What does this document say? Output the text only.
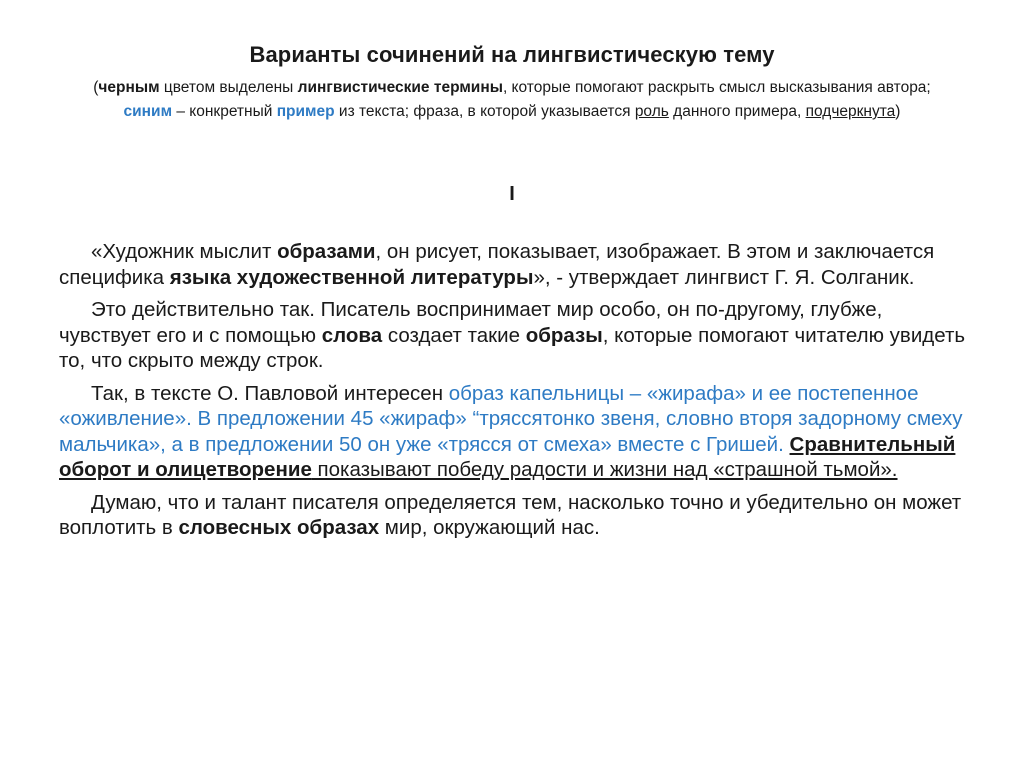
Варианты сочинений на лингвистическую тему
(черным цветом выделены лингвистические термины, которые помогают раскрыть смысл высказывания автора; синим – конкретный пример из текста; фраза, в которой указывается роль данного примера, подчеркнута)
I

«Художник мыслит образами, он рисует, показывает, изображает. В этом и заключается специфика языка художественной литературы», - утверждает лингвист Г. Я. Солганик.

Это действительно так. Писатель воспринимает мир особо, он по-другому, глубже, чувствует его и с помощью слова создает такие образы, которые помогают читателю увидеть то, что скрыто между строк.

Так, в тексте О. Павловой интересен образ капельницы – «жирафа» и ее постепенное «оживление». В предложении 45 «жираф» “тряссятонко звеня, словно вторя задорному смеху мальчика», а в предложении 50 он уже «трясся от смеха» вместе с Гришей. Сравнительный оборот и олицетворение показывают победу радости и жизни над «страшной тьмой».

Думаю, что и талант писателя определяется тем, насколько точно и убедительно он может воплотить в словесных образах мир, окружающий нас.
